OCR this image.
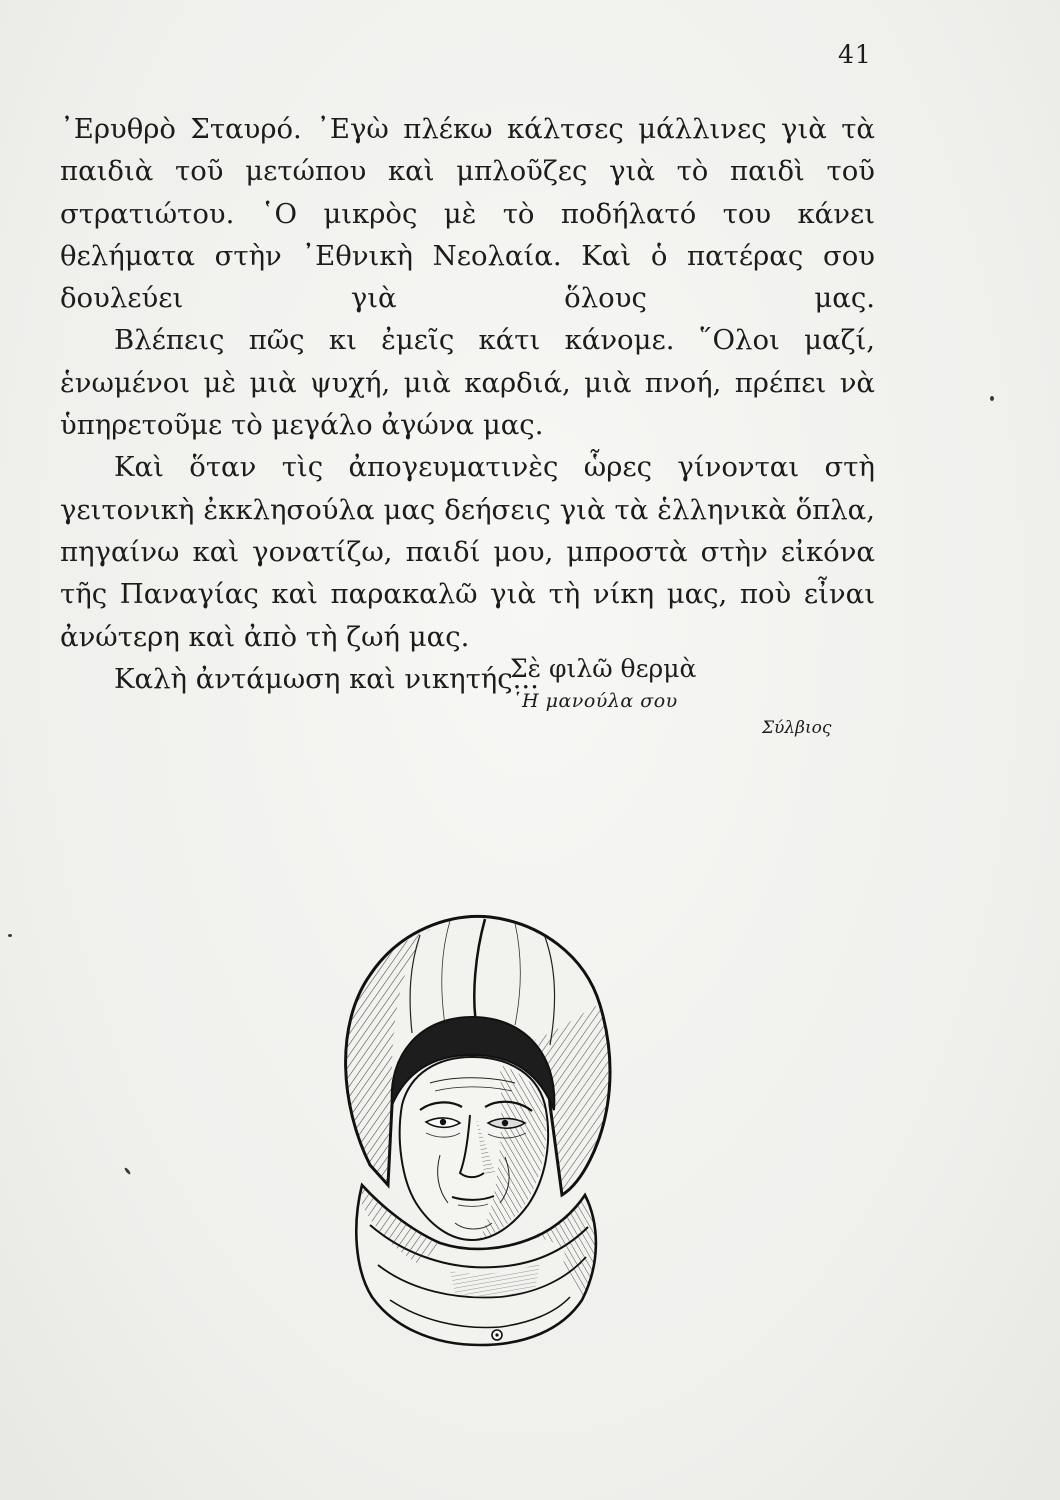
41

᾿Ερυθρὸ Σταυρό. ᾿Εγὼ πλέκω κάλτσες μάλλινες γιὰ τὰ παιδιὰ τοῦ μετώπου καὶ μπλοῦζες γιὰ τὸ παιδὶ τοῦ στρατιώτου. ῾Ο μικρὸς μὲ τὸ ποδήλατό του κάνει θελήματα στὴν ᾿Εθνικὴ Νεολαία. Καὶ ὁ πατέρας σου δουλεύει γιὰ ὅλους μας.

Βλέπεις πῶς κι ἐμεῖς κάτι κάνομε. ῞Ολοι μαζί, ἑνωμένοι μὲ μιὰ ψυχή, μιὰ καρδιά, μιὰ πνοή, πρέπει νὰ ὑπηρετοῦμε τὸ μεγάλο ἀγώνα μας.

Καὶ ὅταν τὶς ἀπογευματινὲς ὧρες γίνονται στὴ γειτονικὴ ἐκκλησούλα μας δεήσεις γιὰ τὰ ἑλληνικὰ ὅπλα, πηγαίνω καὶ γονατίζω, παιδί μου, μπροστὰ στὴν εἰκόνα τῆς Παναγίας καὶ παρακαλῶ γιὰ τὴ νίκη μας, ποὺ εἶναι ἀνώτερη καὶ ἀπὸ τὴ ζωή μας.

Καλὴ ἀντάμωση καὶ νικητής...

Σὲ φιλῶ θερμὰ
῾Η μανούλα σου
Σύλβιος
